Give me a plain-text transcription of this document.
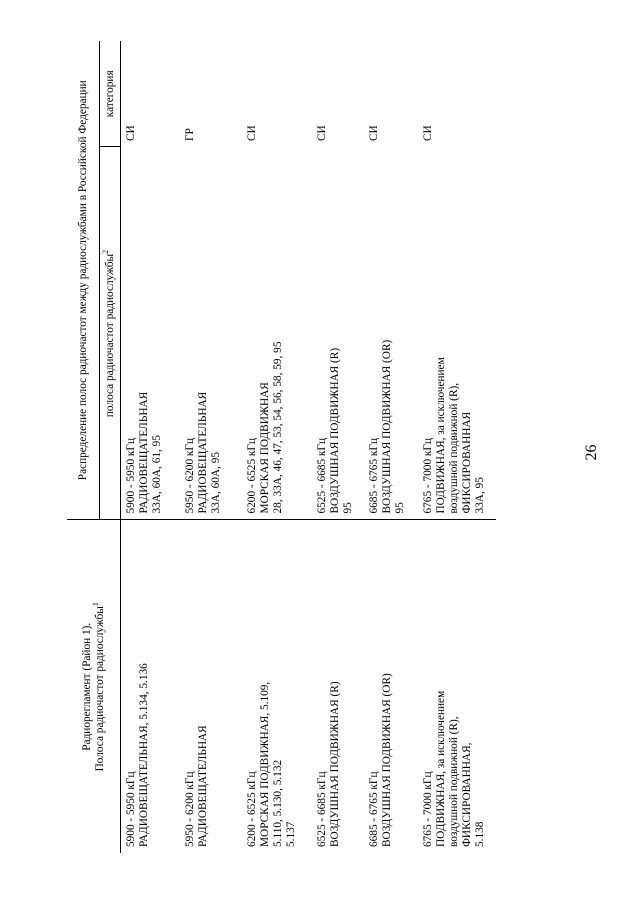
26
Радиорегламент (Район 1). Полоса радиочастот радиослужбы$^1$	Распределение полос радиочастот между радиослужбами в Российской Федерации	
	полоса радиочастот радиослужбы$^2$	категория

5900 - 5950 кГц РАДИОВЕЩАТЕЛЬНАЯ, 5.134, 5.136	5900 - 5950 кГц РАДИОВЕЩАТЕЛЬНАЯ 33А, 60А, 61, 95	СИ

5950 - 6200 кГц РАДИОВЕЩАТЕЛЬНАЯ	5950 - 6200 кГц РАДИОВЕЩАТЕЛЬНАЯ 33А, 60А, 95	ГР

6200 - 6525 кГц МОРСКАЯ ПОДВИЖНАЯ, 5.109, 5.110, 5.130, 5.132 5.137	6200 - 6525 кГц МОРСКАЯ ПОДВИЖНАЯ 28, 33А, 46, 47, 53, 54, 56, 58, 59, 95	СИ

6525 - 6685 кГц ВОЗДУШНАЯ ПОДВИЖНАЯ (R)	6525 - 6685 кГц ВОЗДУШНАЯ ПОДВИЖНАЯ (R) 95	СИ

6685 - 6765 кГц ВОЗДУШНАЯ ПОДВИЖНАЯ (OR)	6685 - 6765 кГц ВОЗДУШНАЯ ПОДВИЖНАЯ (OR) 95	СИ

6765 - 7000 кГц ПОДВИЖНАЯ, за исключением воздушной подвижной (R), ФИКСИРОВАННАЯ, 5.138	6765 - 7000 кГц ПОДВИЖНАЯ, за исключением воздушной подвижной (R), ФИКСИРОВАННАЯ 33А, 95	СИ
